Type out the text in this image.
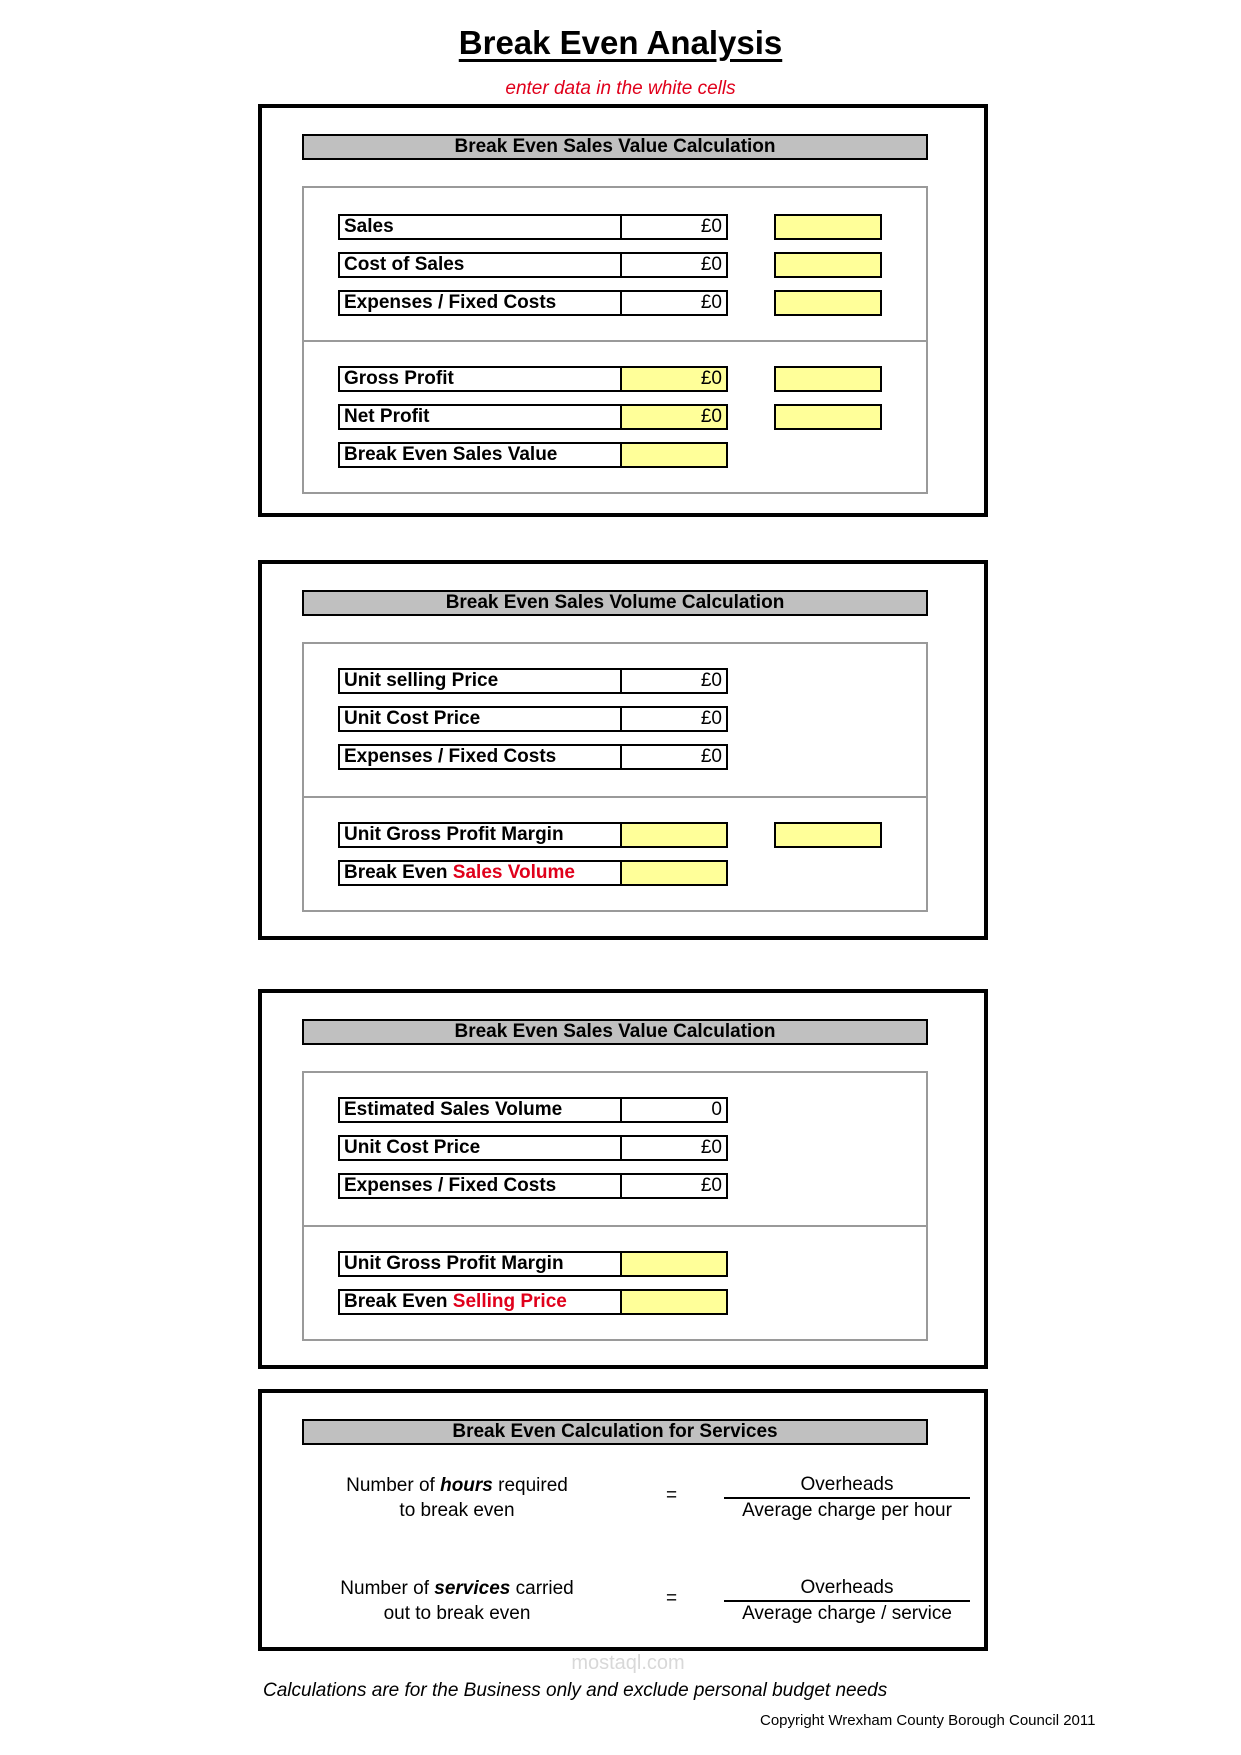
Break Even Analysis
enter data in the white cells
Break Even Sales Value Calculation
Sales	£0
Cost of Sales	£0
Expenses / Fixed Costs	£0
Gross Profit	£0
Net Profit	£0
Break Even Sales Value
Break Even Sales Volume Calculation
Unit selling Price	£0
Unit Cost Price	£0
Expenses / Fixed Costs	£0
Unit Gross Profit Margin
Break Even Sales Volume
Break Even Sales Value Calculation
Estimated Sales Volume	0
Unit Cost Price	£0
Expenses / Fixed Costs	£0
Unit Gross Profit Margin
Break Even Selling Price
Break Even Calculation for Services
Number of hours required
to break even
=
Overheads
Average charge per hour
Number of services carried
out to break even
=
Overheads
Average charge / service
mostaql.com
Calculations are for the Business only and exclude personal budget needs
Copyright Wrexham County Borough Council 2011
